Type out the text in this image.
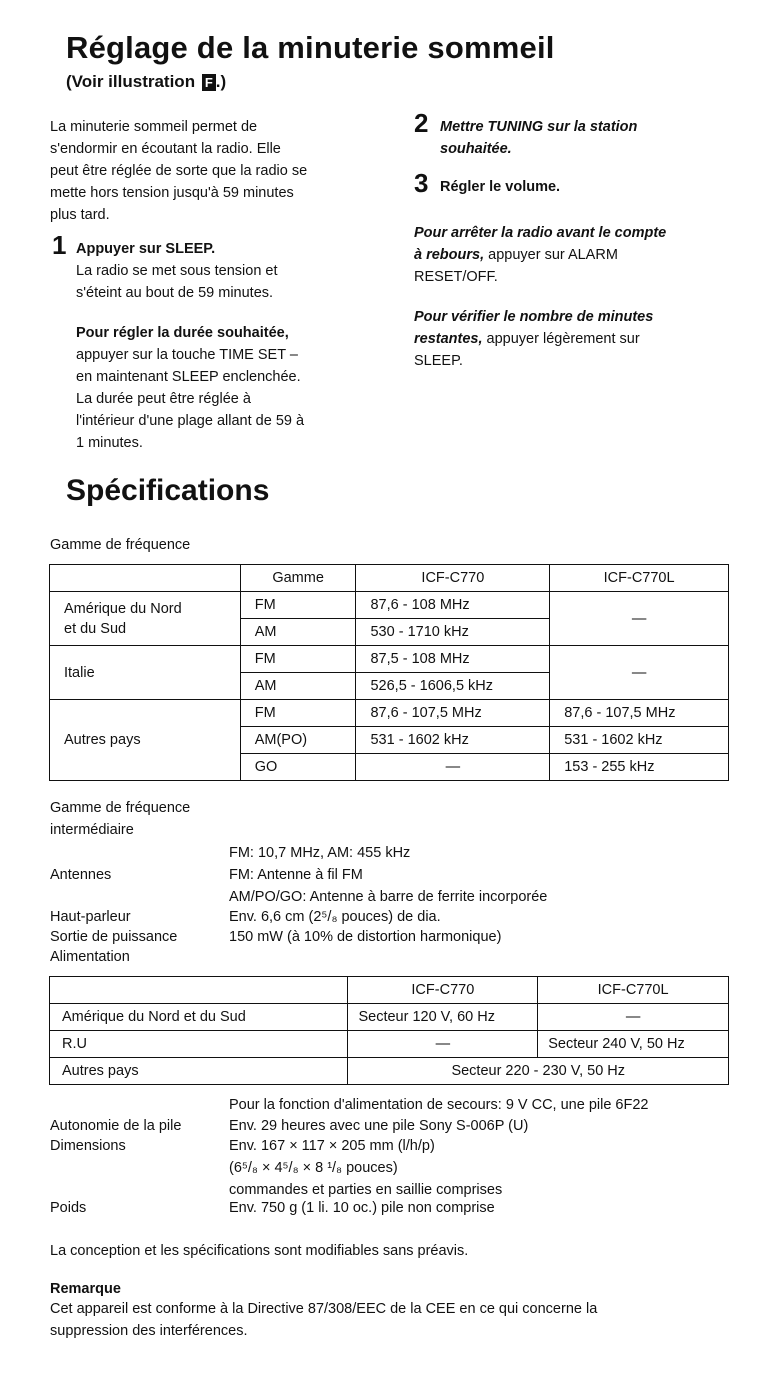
Réglage de la minuterie sommeil
(Voir illustration F .)
La minuterie sommeil permet de
s'endormir en écoutant la radio. Elle
peut être réglée de sorte que la radio se
mette hors tension jusqu'à 59 minutes
plus tard.
1 Appuyer sur SLEEP.
La radio se met sous tension et
s'éteint au bout de 59 minutes.
Pour régler la durée souhaitée,
appuyer sur la touche TIME SET –
en maintenant SLEEP enclenchée.
La durée peut être réglée à
l'intérieur d'une plage allant de 59 à
1 minutes.
2 Mettre TUNING sur la station
souhaitée.
3 Régler le volume.
Pour arrêter la radio avant le compte
à rebours, appuyer sur ALARM
RESET/OFF.
Pour vérifier le nombre de minutes
restantes, appuyer légèrement sur
SLEEP.
Spécifications
Gamme de fréquence
	Gamme	ICF-C770	ICF-C770L

Amérique du Nord
et du Sud	FM	87,6 - 108 MHz	—
	AM	530 - 1710 kHz	
Italie	FM	87,5 - 108 MHz	—
	AM	526,5 - 1606,5 kHz	
Autres pays	FM	87,6 - 107,5 MHz	87,6 - 107,5 MHz
	AM(PO)	531 - 1602 kHz	531 - 1602 kHz
	GO	—	153 - 255 kHz
Gamme de fréquence
intermédiaire
FM: 10,7 MHz, AM: 455 kHz
Antennes	FM: Antenne à fil FM
AM/PO/GO: Antenne à barre de ferrite incorporée
Haut-parleur	Env. 6,6 cm (2⁵/₈ pouces) de dia.
Sortie de puissance	150 mW (à 10% de distortion harmonique)
Alimentation
	ICF-C770	ICF-C770L
Amérique du Nord et du Sud	Secteur 120 V, 60 Hz	—
R.U	—	Secteur 240 V, 50 Hz
Autres pays	Secteur 220 - 230 V, 50 Hz	
Pour la fonction d'alimentation de secours: 9 V CC, une pile 6F22
Autonomie de la pile	Env. 29 heures avec une pile Sony S-006P (U)
Dimensions	Env. 167 × 117 × 205 mm (l/h/p)
(6⁵/₈ × 4⁵/₈ × 8 ¹/₈ pouces)
commandes et parties en saillie comprises
Poids	Env. 750 g (1 li. 10 oc.) pile non comprise
La conception et les spécifications sont modifiables sans préavis.
Remarque
Cet appareil est conforme à la Directive 87/308/EEC de la CEE en ce qui concerne la
suppression des interférences.
